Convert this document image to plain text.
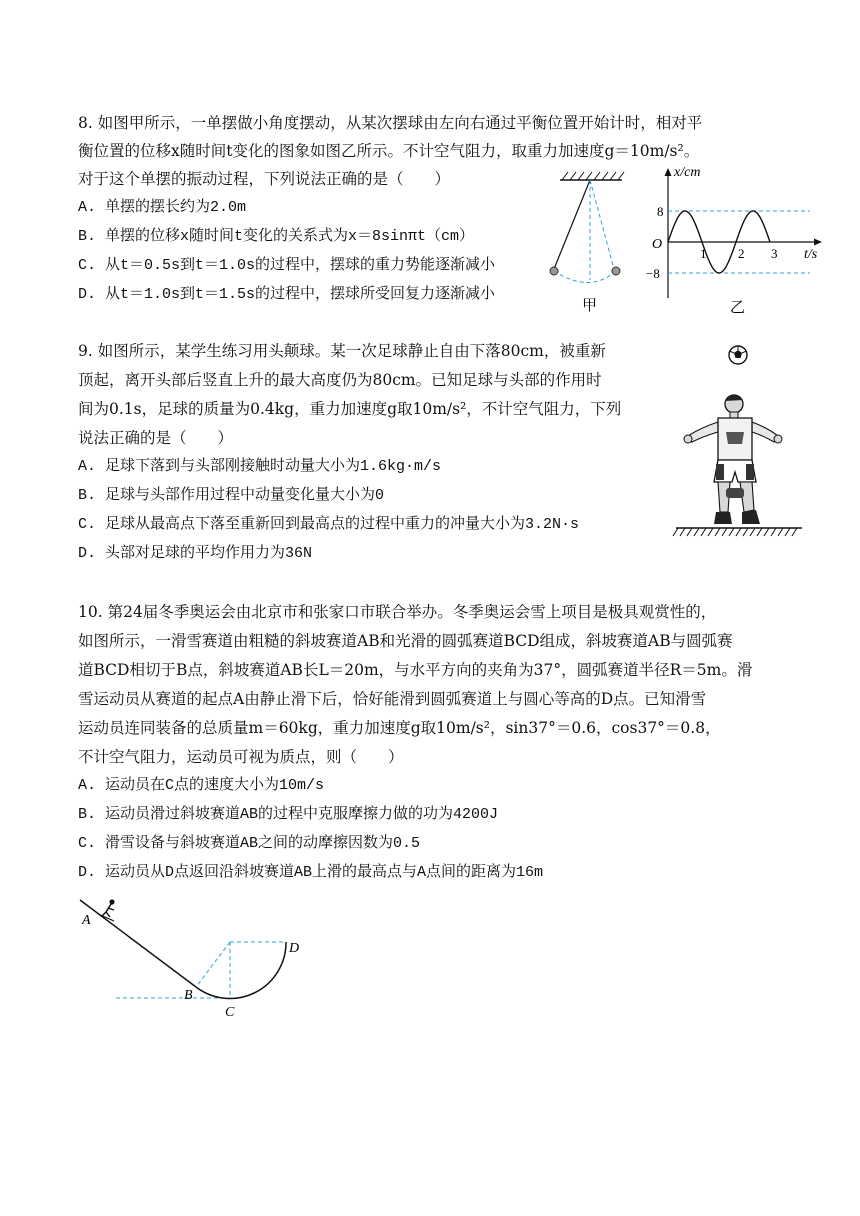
8. 如图甲所示，一单摆做小角度摆动，从某次摆球由左向右通过平衡位置开始计时，相对平
衡位置的位移x随时间t变化的图象如图乙所示。不计空气阻力，取重力加速度g＝10m/s²。
对于这个单摆的振动过程，下列说法正确的是（　　）
A. 单摆的摆长约为2.0m
B. 单摆的位移x随时间t变化的关系式为x＝8sinπt（cm）
C. 从t＝0.5s到t＝1.0s的过程中，摆球的重力势能逐渐减小
D. 从t＝1.0s到t＝1.5s的过程中，摆球所受回复力逐渐减小
甲
x/cm
t/s
O
8
−8
1 2 3
乙
9. 如图所示，某学生练习用头颠球。某一次足球静止自由下落80cm，被重新
顶起，离开头部后竖直上升的最大高度仍为80cm。已知足球与头部的作用时
间为0.1s，足球的质量为0.4kg，重力加速度g取10m/s²，不计空气阻力，下列
说法正确的是（　　）
A. 足球下落到与头部刚接触时动量大小为1.6kg·m/s
B. 足球与头部作用过程中动量变化量大小为0
C. 足球从最高点下落至重新回到最高点的过程中重力的冲量大小为3.2N·s
D. 头部对足球的平均作用力为36N
10. 第24届冬季奥运会由北京市和张家口市联合举办。冬季奥运会雪上项目是极具观赏性的，
如图所示，一滑雪赛道由粗糙的斜坡赛道AB和光滑的圆弧赛道BCD组成，斜坡赛道AB与圆弧赛
道BCD相切于B点，斜坡赛道AB长L＝20m，与水平方向的夹角为37°，圆弧赛道半径R＝5m。滑
雪运动员从赛道的起点A由静止滑下后，恰好能滑到圆弧赛道上与圆心等高的D点。已知滑雪
运动员连同装备的总质量m＝60kg，重力加速度g取10m/s²，sin37°＝0.6，cos37°＝0.8，
不计空气阻力，运动员可视为质点，则（　　）
A. 运动员在C点的速度大小为10m/s
B. 运动员滑过斜坡赛道AB的过程中克服摩擦力做的功为4200J
C. 滑雪设备与斜坡赛道AB之间的动摩擦因数为0.5
D. 运动员从D点返回沿斜坡赛道AB上滑的最高点与A点间的距离为16m
A
B
C
D
